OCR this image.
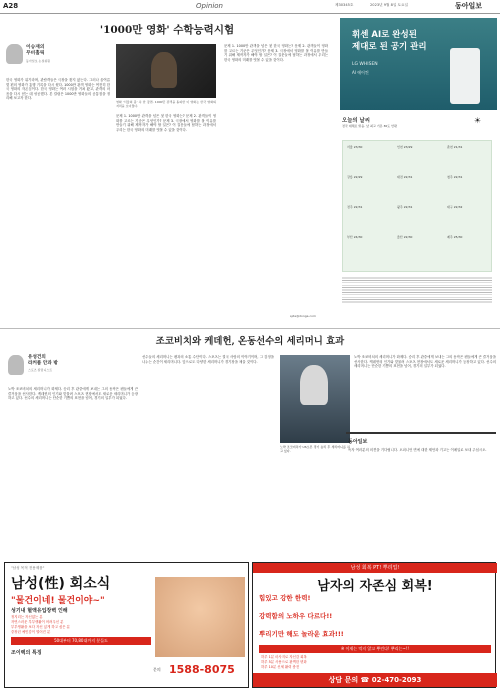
A28	Opinion	제30345호	2023년 9월 8일 토요일	동아일보
'1000만 영화' 수학능력시험
이승재의
무비홀릭
동아일보 논설위원
한국 영화가 위기라며, 관람객들은 극장을 찾지 않는다. 그러나 올여름 몇 편의 영화가 흥행 기록을 다시 썼다. 1000만 관객 영화는 여전히 한국 영화의 자존심이다. 한국 영화는 여러 시험을 거쳐 왔고, 관객의 마음을 다시 얻는 데 성공했다. 본 칼럼은 1000만 영화들의 공통점을 정리해 보고자 한다.
영화 '서울의 봄' 속 한 장면. 1000만 관객을 돌파한 이 영화는 한국 영화의 저력을 보여줬다.
문제 1. 1000만 관객을 넘은 첫 한국 영화는? 문제 2. 관객들이 영화를 고르는 기준은 무엇인가? 문제 3. 극장에서 영화를 볼 이유를 만들기 위해 제작자가 해야 할 일은? 이 질문들에 답하는 과정에서 우리는 한국 영화의 미래를 엿볼 수 있을 것이다.
문제 1. 1000만 관객을 넘은 첫 한국 영화는? 문제 2. 관객들이 영화를 고르는 기준은 무엇인가? 문제 3. 극장에서 영화를 볼 이유를 만들기 위해 제작자가 해야 할 일은? 이 질문들에 답하는 과정에서 우리는 한국 영화의 미래를 엿볼 수 있을 것이다.
sjda@donga.com
휘센 AI로 완성된
제대로 된 공기 관리
LG WHISEN
AI 에어컨
오늘의 날씨
전국 대체로 맑음. 낮 최고 기온 30도 안팎
☀
서울 23/30	인천 23/29	춘천 21/31
강릉 22/29	대전 22/31	청주 22/31
전주 22/31	광주 22/31	대구 22/32
부산 24/30	울산 22/30	제주 25/30
조코비치와 케데헌, 온동선수의 세리머니 효과
유성건의
라커룸 안과 밖
스포츠 칼럼니스트
노박 조코비치의 세리머니가 화제다. 승리 후 관중에게 보내는 그의 동작은 팬들에게 큰 즐거움을 선사한다. 케데헌의 인기와 맞물려 스포츠 현장에서도 새로운 세리머니가 등장하고 있다. 선수의 세리머니는 단순한 기쁨의 표현을 넘어, 경기의 일부가 되었다.
선수들의 세리머니는 팬과의 소통 수단이다. 스포츠는 결국 사람의 이야기이며, 그 감정을 나누는 순간이 세리머니다. 앞으로도 다양한 세리머니가 경기장을 채울 것이다.
노박 조코비치가 US오픈 경기 승리 후 세리머니를 하고 있다.
노박 조코비치의 세리머니가 화제다. 승리 후 관중에게 보내는 그의 동작은 팬들에게 큰 즐거움을 선사한다. 케데헌의 인기와 맞물려 스포츠 현장에서도 새로운 세리머니가 등장하고 있다. 선수의 세리머니는 단순한 기쁨의 표현을 넘어, 경기의 일부가 되었다.
동아일보
독자 여러분의 의견을 기다립니다. 오피니언 면에 대한 제안과 기고는 이메일로 보내 주십시오.
"남성 목적 전용제품"
남성(性) 회소식
"물건이네! 물건이야~"
성기내 혈액유입장벽 인해
정지리는 자신없는 분
자연스러운 부부생활이 어려우신 분
부부생활을 보다 자신 있게 하고 싶은 분
중장년 예민감이 떨어진 분
50대부터 70,80대까지 분들도
조이렉의 특징
문의 1588-8075
남성 회복 PT! 뿌리업!
남자의 자존심 회복!
힘있고 강한 한력!
강력함의 노하우 다르다!!
뿌리기만 해도 놀라운 효과!!!
※ 이제는 먹지 않고 뿌린다! 뿌리는~!!
하루 1분 마사지로 자신감 회복
하루 5분 사용으로 완벽한 변화
하루 10분 신체 활력 충전
상담 문의 ☎ 02-470-2093
